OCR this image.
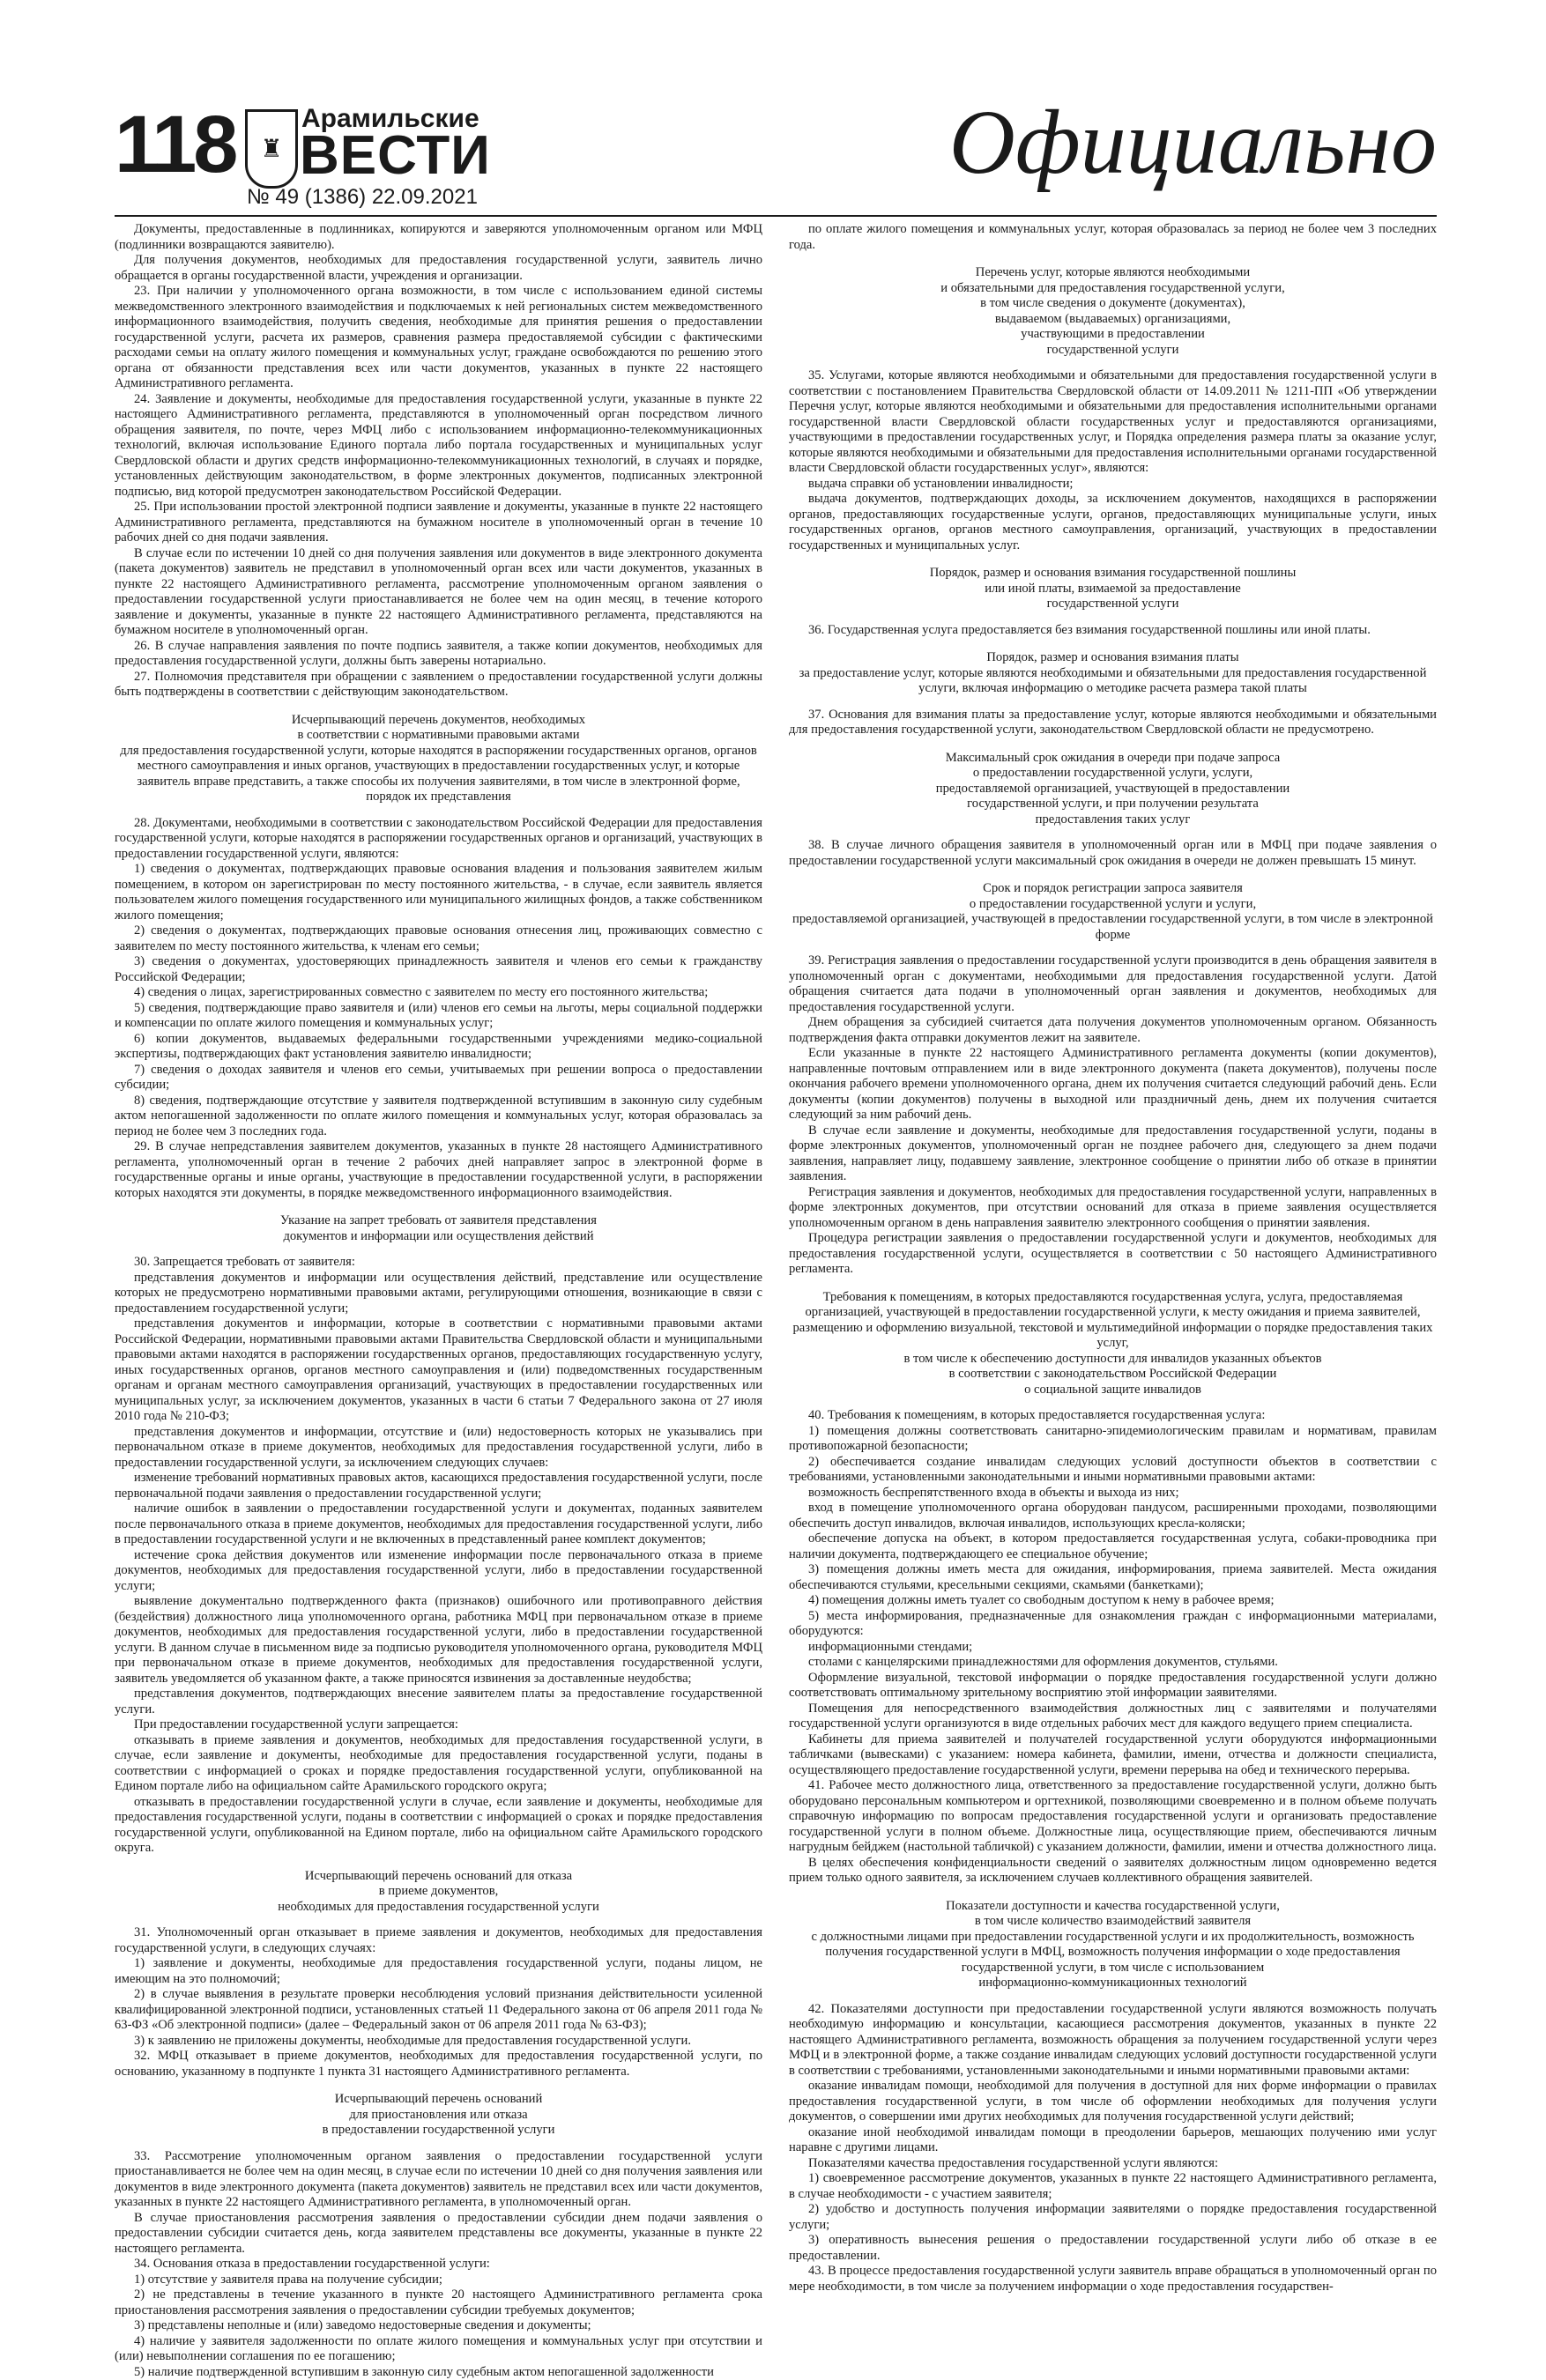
118	♜
Арамильские
ВЕСТИ
№ 49 (1386) 22.09.2021
Официально

Документы, предоставленные в подлинниках, копируются и заверяются уполномоченным органом или МФЦ (подлинники возвращаются заявителю).

Для получения документов, необходимых для предоставления государственной услуги, заявитель лично обращается в органы государственной власти, учреждения и организации.

23. При наличии у уполномоченного органа возможности, в том числе с использованием единой системы межведомственного электронного взаимодействия и подключаемых к ней региональных систем межведомственного информационного взаимодействия, получить сведения, необходимые для принятия решения о предоставлении государственной услуги, расчета их размеров, сравнения размера предоставляемой субсидии с фактическими расходами семьи на оплату жилого помещения и коммунальных услуг, граждане освобождаются по решению этого органа от обязанности представления всех или части документов, указанных в пункте 22 настоящего Административного регламента.

24. Заявление и документы, необходимые для предоставления государственной услуги, указанные в пункте 22 настоящего Административного регламента, представляются в уполномоченный орган посредством личного обращения заявителя, по почте, через МФЦ либо с использованием информационно-телекоммуникационных технологий, включая использование Единого портала либо портала государственных и муниципальных услуг Свердловской области и других средств информационно-телекоммуникационных технологий, в случаях и порядке, установленных действующим законодательством, в форме электронных документов, подписанных электронной подписью, вид которой предусмотрен законодательством Российской Федерации.

25. При использовании простой электронной подписи заявление и документы, указанные в пункте 22 настоящего Административного регламента, представляются на бумажном носителе в уполномоченный орган в течение 10 рабочих дней со дня подачи заявления.

В случае если по истечении 10 дней со дня получения заявления или документов в виде электронного документа (пакета документов) заявитель не представил в уполномоченный орган всех или части документов, указанных в пункте 22 настоящего Административного регламента, рассмотрение уполномоченным органом заявления о предоставлении государственной услуги приостанавливается не более чем на один месяц, в течение которого заявление и документы, указанные в пункте 22 настоящего Административного регламента, представляются на бумажном носителе в уполномоченный орган.

26. В случае направления заявления по почте подпись заявителя, а также копии документов, необходимых для предоставления государственной услуги, должны быть заверены нотариально.

27. Полномочия представителя при обращении с заявлением о предоставлении государственной услуги должны быть подтверждены в соответствии с действующим законодательством.

Исчерпывающий перечень документов, необходимых
в соответствии с нормативными правовыми актами
для предоставления государственной услуги, которые находятся в распоряжении государственных органов, органов местного самоуправления и иных органов, участвующих в предоставлении государственных услуг, и которые заявитель вправе представить, а также способы их получения заявителями, в том числе в электронной форме,
порядок их представления

28. Документами, необходимыми в соответствии с законодательством Российской Федерации для предоставления государственной услуги, которые находятся в распоряжении государственных органов и организаций, участвующих в предоставлении государственной услуги, являются:

1) сведения о документах, подтверждающих правовые основания владения и пользования заявителем жилым помещением, в котором он зарегистрирован по месту постоянного жительства, - в случае, если заявитель является пользователем жилого помещения государственного или муниципального жилищных фондов, а также собственником жилого помещения;

2) сведения о документах, подтверждающих правовые основания отнесения лиц, проживающих совместно с заявителем по месту постоянного жительства, к членам его семьи;

3) сведения о документах, удостоверяющих принадлежность заявителя и членов его семьи к гражданству Российской Федерации;

4) сведения о лицах, зарегистрированных совместно с заявителем по месту его постоянного жительства;

5) сведения, подтверждающие право заявителя и (или) членов его семьи на льготы, меры социальной поддержки и компенсации по оплате жилого помещения и коммунальных услуг;

6) копии документов, выдаваемых федеральными государственными учреждениями медико-социальной экспертизы, подтверждающих факт установления заявителю инвалидности;

7) сведения о доходах заявителя и членов его семьи, учитываемых при решении вопроса о предоставлении субсидии;

8) сведения, подтверждающие отсутствие у заявителя подтвержденной вступившим в законную силу судебным актом непогашенной задолженности по оплате жилого помещения и коммунальных услуг, которая образовалась за период не более чем 3 последних года.

29. В случае непредставления заявителем документов, указанных в пункте 28 настоящего Административного регламента, уполномоченный орган в течение 2 рабочих дней направляет запрос в электронной форме в государственные органы и иные органы, участвующие в предоставлении государственной услуги, в распоряжении которых находятся эти документы, в порядке межведомственного информационного взаимодействия.

Указание на запрет требовать от заявителя представления
документов и информации или осуществления действий

30. Запрещается требовать от заявителя:

представления документов и информации или осуществления действий, представление или осуществление которых не предусмотрено нормативными правовыми актами, регулирующими отношения, возникающие в связи с предоставлением государственной услуги;

представления документов и информации, которые в соответствии с нормативными правовыми актами Российской Федерации, нормативными правовыми актами Правительства Свердловской области и муниципальными правовыми актами находятся в распоряжении государственных органов, предоставляющих государственную услугу, иных государственных органов, органов местного самоуправления и (или) подведомственных государственным органам и органам местного самоуправления организаций, участвующих в предоставлении государственных или муниципальных услуг, за исключением документов, указанных в части 6 статьи 7 Федерального закона от 27 июля 2010 года № 210-ФЗ;

представления документов и информации, отсутствие и (или) недостоверность которых не указывались при первоначальном отказе в приеме документов, необходимых для предоставления государственной услуги, либо в предоставлении государственной услуги, за исключением следующих случаев:

изменение требований нормативных правовых актов, касающихся предоставления государственной услуги, после первоначальной подачи заявления о предоставлении государственной услуги;

наличие ошибок в заявлении о предоставлении государственной услуги и документах, поданных заявителем после первоначального отказа в приеме документов, необходимых для предоставления государственной услуги, либо в предоставлении государственной услуги и не включенных в представленный ранее комплект документов;

истечение срока действия документов или изменение информации после первоначального отказа в приеме документов, необходимых для предоставления государственной услуги, либо в предоставлении государственной услуги;

выявление документально подтвержденного факта (признаков) ошибочного или противоправного действия (бездействия) должностного лица уполномоченного органа, работника МФЦ при первоначальном отказе в приеме документов, необходимых для предоставления государственной услуги, либо в предоставлении государственной услуги. В данном случае в письменном виде за подписью руководителя уполномоченного органа, руководителя МФЦ при первоначальном отказе в приеме документов, необходимых для предоставления государственной услуги, заявитель уведомляется об указанном факте, а также приносятся извинения за доставленные неудобства;

представления документов, подтверждающих внесение заявителем платы за предоставление государственной услуги.

При предоставлении государственной услуги запрещается:

отказывать в приеме заявления и документов, необходимых для предоставления государственной услуги, в случае, если заявление и документы, необходимые для предоставления государственной услуги, поданы в соответствии с информацией о сроках и порядке предоставления государственной услуги, опубликованной на Едином портале либо на официальном сайте Арамильского городского округа;

отказывать в предоставлении государственной услуги в случае, если заявление и документы, необходимые для предоставления государственной услуги, поданы в соответствии с информацией о сроках и порядке предоставления государственной услуги, опубликованной на Едином портале, либо на официальном сайте Арамильского городского округа.

Исчерпывающий перечень оснований для отказа
в приеме документов,
необходимых для предоставления государственной услуги

31. Уполномоченный орган отказывает в приеме заявления и документов, необходимых для предоставления государственной услуги, в следующих случаях:

1) заявление и документы, необходимые для предоставления государственной услуги, поданы лицом, не имеющим на это полномочий;

2) в случае выявления в результате проверки несоблюдения условий признания действительности усиленной квалифицированной электронной подписи, установленных статьей 11 Федерального закона от 06 апреля 2011 года № 63-ФЗ «Об электронной подписи» (далее – Федеральный закон от 06 апреля 2011 года № 63-ФЗ);

3) к заявлению не приложены документы, необходимые для предоставления государственной услуги.

32. МФЦ отказывает в приеме документов, необходимых для предоставления государственной услуги, по основанию, указанному в подпункте 1 пункта 31 настоящего Административного регламента.

Исчерпывающий перечень оснований
для приостановления или отказа
в предоставлении государственной услуги

33. Рассмотрение уполномоченным органом заявления о предоставлении государственной услуги приостанавливается не более чем на один месяц, в случае если по истечении 10 дней со дня получения заявления или документов в виде электронного документа (пакета документов) заявитель не представил всех или части документов, указанных в пункте 22 настоящего Административного регламента, в уполномоченный орган.

В случае приостановления рассмотрения заявления о предоставлении субсидии днем подачи заявления о предоставлении субсидии считается день, когда заявителем представлены все документы, указанные в пункте 22 настоящего регламента.

34. Основания отказа в предоставлении государственной услуги:

1) отсутствие у заявителя права на получение субсидии;

2) не представлены в течение указанного в пункте 20 настоящего Административного регламента срока приостановления рассмотрения заявления о предоставлении субсидии требуемых документов;

3) представлены неполные и (или) заведомо недостоверные сведения и документы;

4) наличие у заявителя задолженности по оплате жилого помещения и коммунальных услуг при отсутствии и (или) невыполнении соглашения по ее погашению;

5) наличие подтвержденной вступившим в законную силу судебным актом непогашенной задолженности

по оплате жилого помещения и коммунальных услуг, которая образовалась за период не более чем 3 последних года.

Перечень услуг, которые являются необходимыми
и обязательными для предоставления государственной услуги,
в том числе сведения о документе (документах),
выдаваемом (выдаваемых) организациями,
участвующими в предоставлении
государственной услуги

35. Услугами, которые являются необходимыми и обязательными для предоставления государственной услуги в соответствии с постановлением Правительства Свердловской области от 14.09.2011 № 1211-ПП «Об утверждении Перечня услуг, которые являются необходимыми и обязательными для предоставления исполнительными органами государственной власти Свердловской области государственных услуг и предоставляются организациями, участвующими в предоставлении государственных услуг, и Порядка определения размера платы за оказание услуг, которые являются необходимыми и обязательными для предоставления исполнительными органами государственной власти Свердловской области государственных услуг», являются:

выдача справки об установлении инвалидности;

выдача документов, подтверждающих доходы, за исключением документов, находящихся в распоряжении органов, предоставляющих государственные услуги, органов, предоставляющих муниципальные услуги, иных государственных органов, органов местного самоуправления, организаций, участвующих в предоставлении государственных и муниципальных услуг.

Порядок, размер и основания взимания государственной пошлины
или иной платы, взимаемой за предоставление
государственной услуги

36. Государственная услуга предоставляется без взимания государственной пошлины или иной платы.

Порядок, размер и основания взимания платы
за предоставление услуг, которые являются необходимыми и обязательными для предоставления государственной услуги, включая информацию о методике расчета размера такой платы

37. Основания для взимания платы за предоставление услуг, которые являются необходимыми и обязательными для предоставления государственной услуги, законодательством Свердловской области не предусмотрено.

Максимальный срок ожидания в очереди при подаче запроса
о предоставлении государственной услуги, услуги,
предоставляемой организацией, участвующей в предоставлении
государственной услуги, и при получении результата
предоставления таких услуг

38. В случае личного обращения заявителя в уполномоченный орган или в МФЦ при подаче заявления о предоставлении государственной услуги максимальный срок ожидания в очереди не должен превышать 15 минут.

Срок и порядок регистрации запроса заявителя
о предоставлении государственной услуги и услуги,
предоставляемой организацией, участвующей в предоставлении государственной услуги, в том числе в электронной форме

39. Регистрация заявления о предоставлении государственной услуги производится в день обращения заявителя в уполномоченный орган с документами, необходимыми для предоставления государственной услуги. Датой обращения считается дата подачи в уполномоченный орган заявления и документов, необходимых для предоставления государственной услуги.

Днем обращения за субсидией считается дата получения документов уполномоченным органом. Обязанность подтверждения факта отправки документов лежит на заявителе.

Если указанные в пункте 22 настоящего Административного регламента документы (копии документов), направленные почтовым отправлением или в виде электронного документа (пакета документов), получены после окончания рабочего времени уполномоченного органа, днем их получения считается следующий рабочий день. Если документы (копии документов) получены в выходной или праздничный день, днем их получения считается следующий за ним рабочий день.

В случае если заявление и документы, необходимые для предоставления государственной услуги, поданы в форме электронных документов, уполномоченный орган не позднее рабочего дня, следующего за днем подачи заявления, направляет лицу, подавшему заявление, электронное сообщение о принятии либо об отказе в принятии заявления.

Регистрация заявления и документов, необходимых для предоставления государственной услуги, направленных в форме электронных документов, при отсутствии оснований для отказа в приеме заявления осуществляется уполномоченным органом в день направления заявителю электронного сообщения о принятии заявления.

Процедура регистрации заявления о предоставлении государственной услуги и документов, необходимых для предоставления государственной услуги, осуществляется в соответствии с 50 настоящего Административного регламента.

Требования к помещениям, в которых предоставляются государственная услуга, услуга, предоставляемая организацией, участвующей в предоставлении государственной услуги, к месту ожидания и приема заявителей, размещению и оформлению визуальной, текстовой и мультимедийной информации о порядке предоставления таких услуг,
в том числе к обеспечению доступности для инвалидов указанных объектов
в соответствии с законодательством Российской Федерации
о социальной защите инвалидов

40. Требования к помещениям, в которых предоставляется государственная услуга:

1) помещения должны соответствовать санитарно-эпидемиологическим правилам и нормативам, правилам противопожарной безопасности;

2) обеспечивается создание инвалидам следующих условий доступности объектов в соответствии с требованиями, установленными законодательными и иными нормативными правовыми актами:

возможность беспрепятственного входа в объекты и выхода из них;

вход в помещение уполномоченного органа оборудован пандусом, расширенными проходами, позволяющими обеспечить доступ инвалидов, включая инвалидов, использующих кресла-коляски;

обеспечение допуска на объект, в котором предоставляется государственная услуга, собаки-проводника при наличии документа, подтверждающего ее специальное обучение;

3) помещения должны иметь места для ожидания, информирования, приема заявителей. Места ожидания обеспечиваются стульями, кресельными секциями, скамьями (банкетками);

4) помещения должны иметь туалет со свободным доступом к нему в рабочее время;

5) места информирования, предназначенные для ознакомления граждан с информационными материалами, оборудуются:

информационными стендами;

столами с канцелярскими принадлежностями для оформления документов, стульями.

Оформление визуальной, текстовой информации о порядке предоставления государственной услуги должно соответствовать оптимальному зрительному восприятию этой информации заявителями.

Помещения для непосредственного взаимодействия должностных лиц с заявителями и получателями государственной услуги организуются в виде отдельных рабочих мест для каждого ведущего прием специалиста.

Кабинеты для приема заявителей и получателей государственной услуги оборудуются информационными табличками (вывесками) с указанием: номера кабинета, фамилии, имени, отчества и должности специалиста, осуществляющего предоставление государственной услуги, времени перерыва на обед и технического перерыва.

41. Рабочее место должностного лица, ответственного за предоставление государственной услуги, должно быть оборудовано персональным компьютером и оргтехникой, позволяющими своевременно и в полном объеме получать справочную информацию по вопросам предоставления государственной услуги и организовать предоставление государственной услуги в полном объеме. Должностные лица, осуществляющие прием, обеспечиваются личным нагрудным бейджем (настольной табличкой) с указанием должности, фамилии, имени и отчества должностного лица.

В целях обеспечения конфиденциальности сведений о заявителях должностным лицом одновременно ведется прием только одного заявителя, за исключением случаев коллективного обращения заявителей.

Показатели доступности и качества государственной услуги,
в том числе количество взаимодействий заявителя
с должностными лицами при предоставлении государственной услуги и их продолжительность, возможность получения государственной услуги в МФЦ, возможность получения информации о ходе предоставления государственной услуги, в том числе с использованием
информационно-коммуникационных технологий

42. Показателями доступности при предоставлении государственной услуги являются возможность получать необходимую информацию и консультации, касающиеся рассмотрения документов, указанных в пункте 22 настоящего Административного регламента, возможность обращения за получением государственной услуги через МФЦ и в электронной форме, а также создание инвалидам следующих условий доступности государственной услуги в соответствии с требованиями, установленными законодательными и иными нормативными правовыми актами:

оказание инвалидам помощи, необходимой для получения в доступной для них форме информации о правилах предоставления государственной услуги, в том числе об оформлении необходимых для получения услуги документов, о совершении ими других необходимых для получения государственной услуги действий;

оказание иной необходимой инвалидам помощи в преодолении барьеров, мешающих получению ими услуг наравне с другими лицами.

Показателями качества предоставления государственной услуги являются:

1) своевременное рассмотрение документов, указанных в пункте 22 настоящего Административного регламента, в случае необходимости - с участием заявителя;

2) удобство и доступность получения информации заявителями о порядке предоставления государственной услуги;

3) оперативность вынесения решения о предоставлении государственной услуги либо об отказе в ее предоставлении.

43. В процессе предоставления государственной услуги заявитель вправе обращаться в уполномоченный орган по мере необходимости, в том числе за получением информации о ходе предоставления государствен-
